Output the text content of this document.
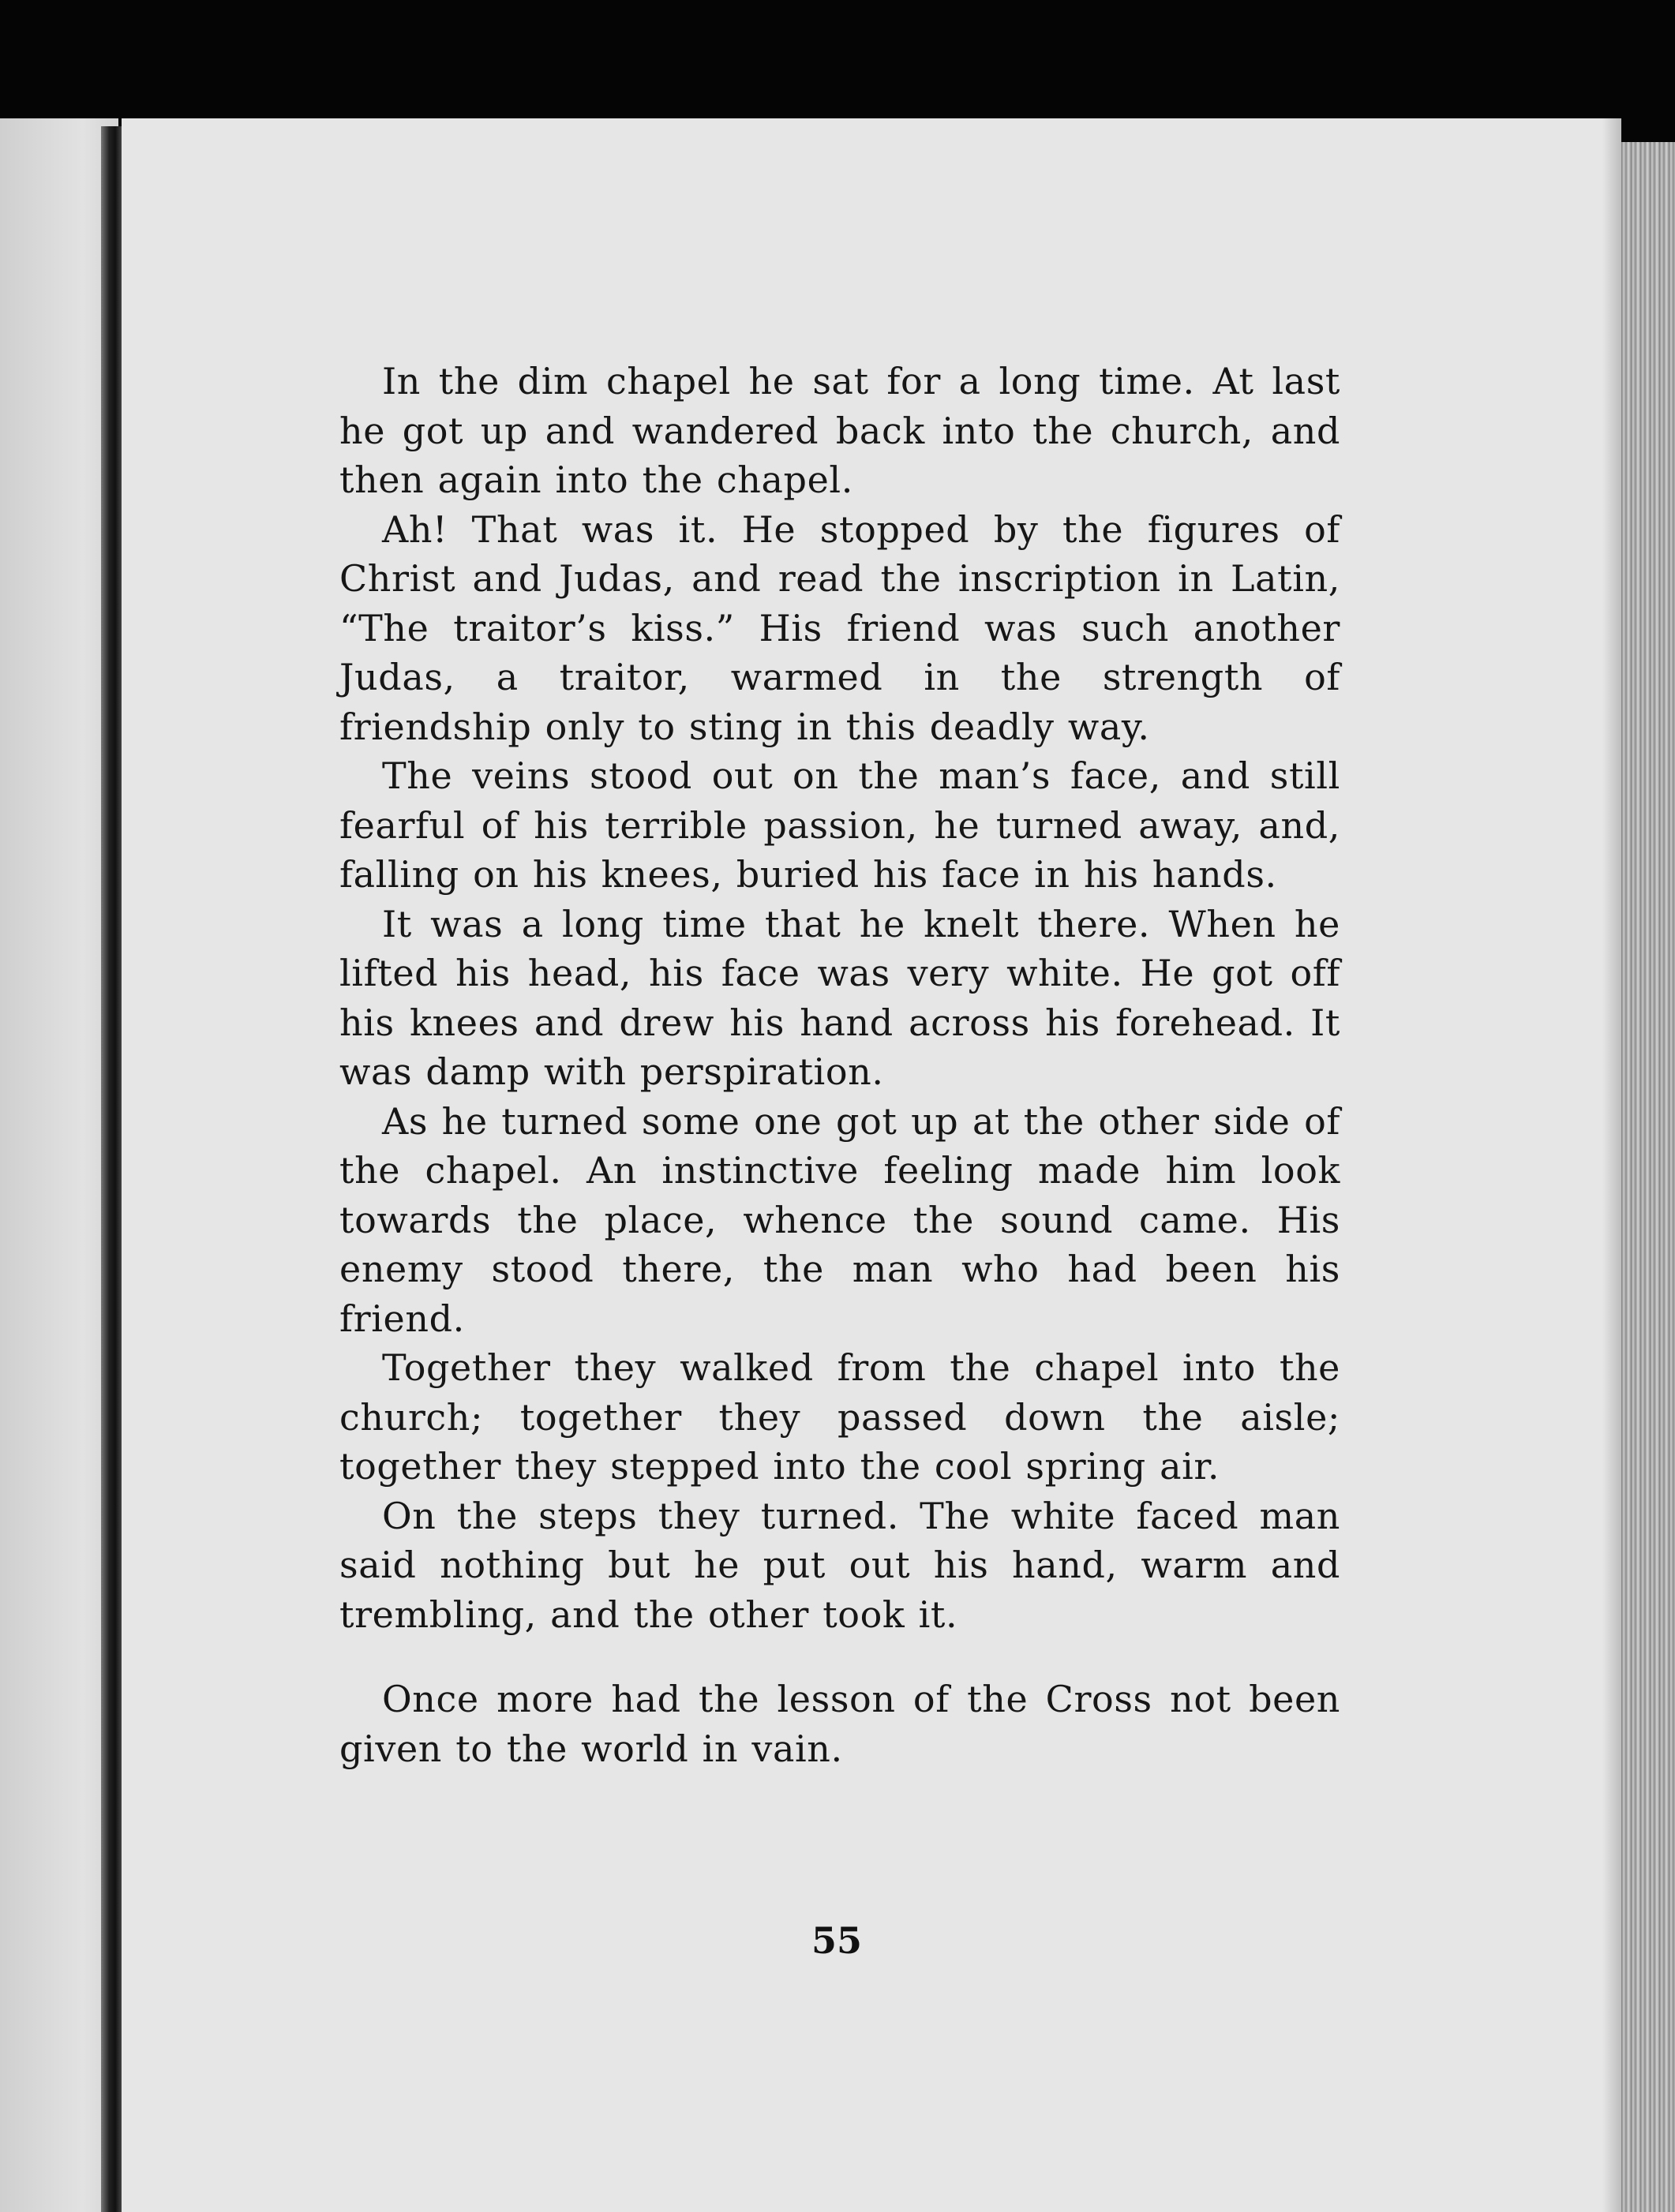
In the dim chapel he sat for a long time. At last he got up and wandered back into the church, and then again into the chapel.

Ah! That was it. He stopped by the figures of Christ and Judas, and read the inscription in Latin, “The traitor’s kiss.” His friend was such another Judas, a traitor, warmed in the strength of friendship only to sting in this deadly way.

The veins stood out on the man’s face, and still fearful of his terrible passion, he turned away, and, falling on his knees, buried his face in his hands.

It was a long time that he knelt there. When he lifted his head, his face was very white. He got off his knees and drew his hand across his forehead. It was damp with perspiration.

As he turned some one got up at the other side of the chapel. An instinctive feeling made him look towards the place, whence the sound came. His enemy stood there, the man who had been his friend.

Together they walked from the chapel into the church; together they passed down the aisle; together they stepped into the cool spring air.

On the steps they turned. The white faced man said nothing but he put out his hand, warm and trembling, and the other took it.

Once more had the lesson of the Cross not been given to the world in vain.

55
